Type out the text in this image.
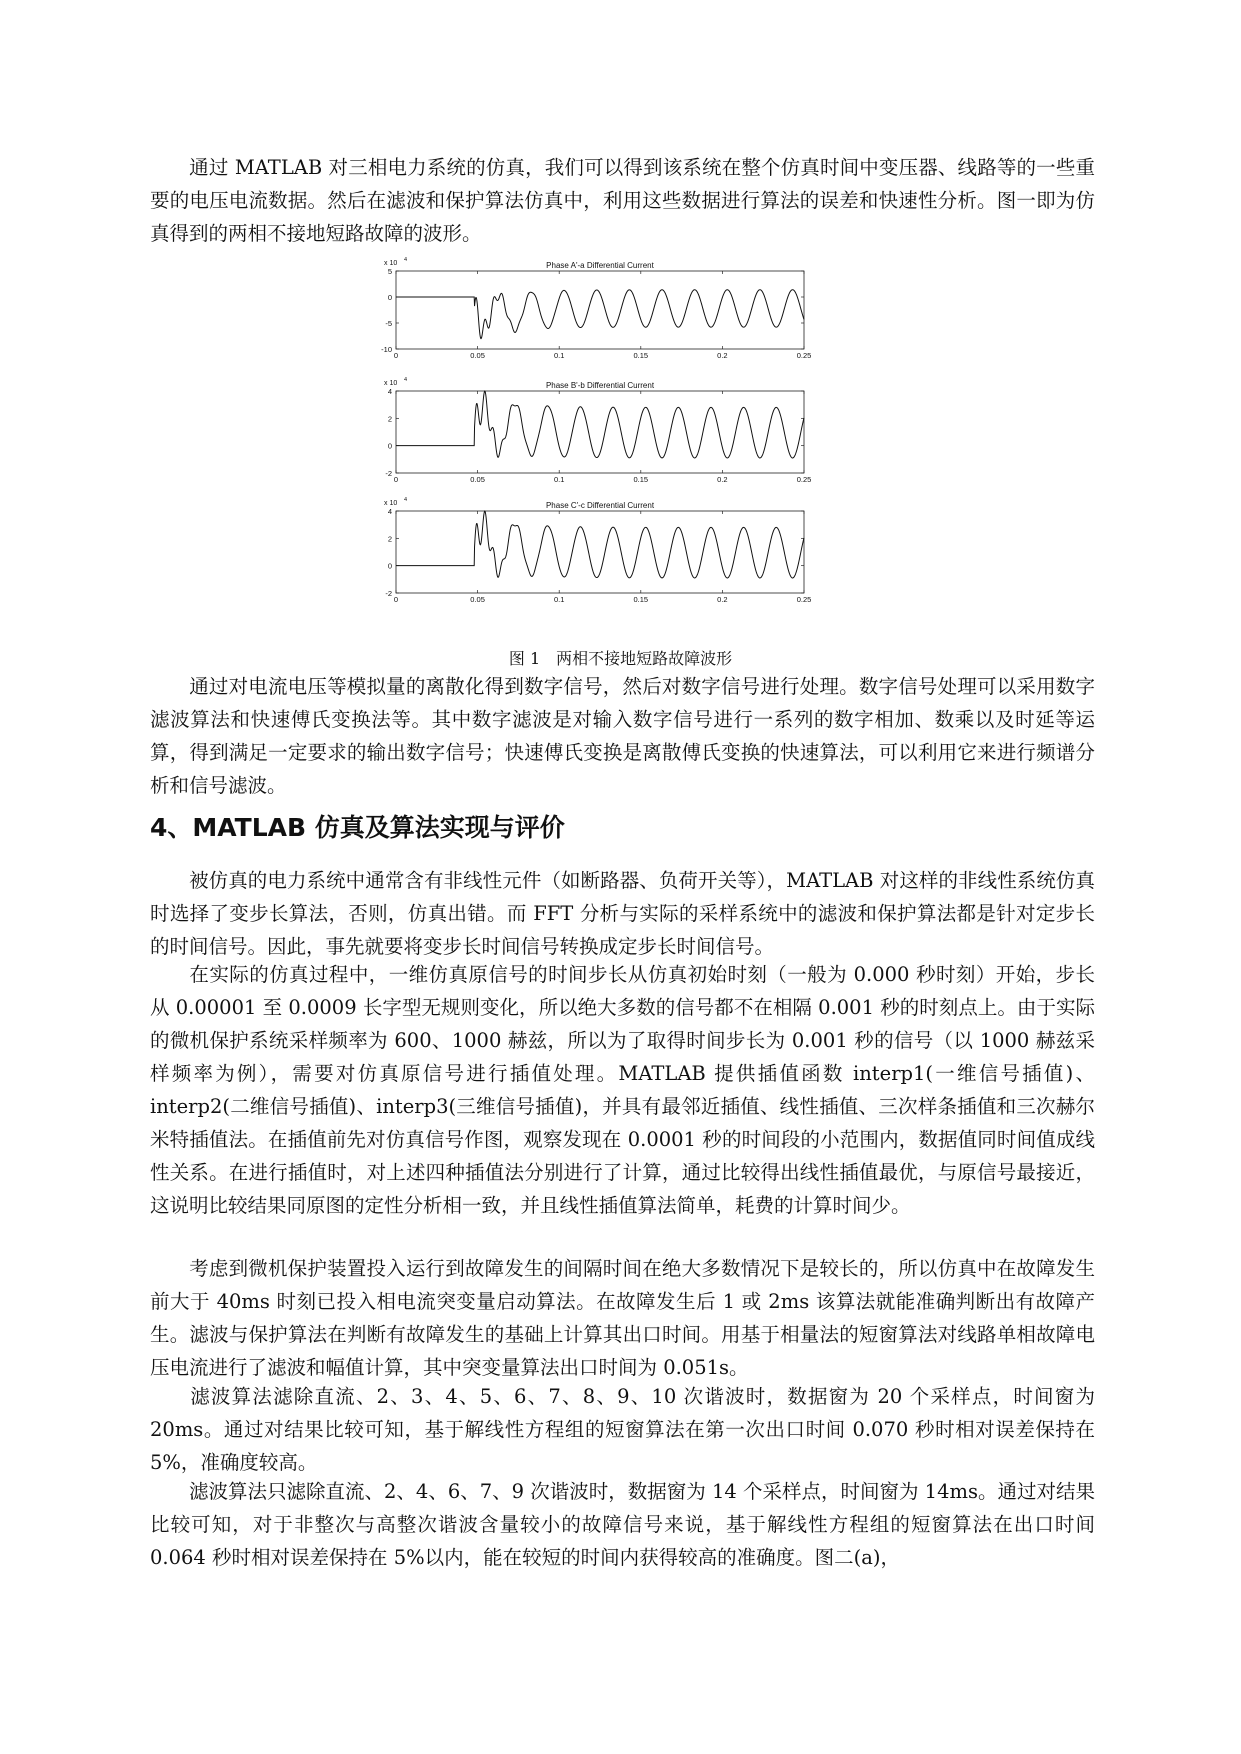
通过 MATLAB 对三相电力系统的仿真，我们可以得到该系统在整个仿真时间中变压器、线路等的一些重要的电压电流数据。然后在滤波和保护算法仿真中，利用这些数据进行算法的误差和快速性分析。图一即为仿真得到的两相不接地短路故障的波形。

Phase A'-a Differential Current
x 10 4
0	0.05	0.1	0.15	0.2	0.25
5
0
-5
-10
Phase B'-b Differential Current
x 10 4
0	0.05	0.1	0.15	0.2	0.25
4
2
0
-2
Phase C'-c Differential Current
x 10 4
0	0.05	0.1	0.15	0.2	0.25
4
2
0
-2
图 1　两相不接地短路故障波形

通过对电流电压等模拟量的离散化得到数字信号，然后对数字信号进行处理。数字信号处理可以采用数字滤波算法和快速傅氏变换法等。其中数字滤波是对输入数字信号进行一系列的数字相加、数乘以及时延等运算，得到满足一定要求的输出数字信号；快速傅氏变换是离散傅氏变换的快速算法，可以利用它来进行频谱分析和信号滤波。

4、MATLAB 仿真及算法实现与评价

被仿真的电力系统中通常含有非线性元件（如断路器、负荷开关等），MATLAB 对这样的非线性系统仿真时选择了变步长算法，否则，仿真出错。而 FFT 分析与实际的采样系统中的滤波和保护算法都是针对定步长的时间信号。因此，事先就要将变步长时间信号转换成定步长时间信号。

在实际的仿真过程中，一维仿真原信号的时间步长从仿真初始时刻（一般为 0.000 秒时刻）开始，步长从 0.00001 至 0.0009 长字型无规则变化，所以绝大多数的信号都不在相隔 0.001 秒的时刻点上。由于实际的微机保护系统采样频率为 600、1000 赫兹，所以为了取得时间步长为 0.001 秒的信号（以 1000 赫兹采样频率为例），需要对仿真原信号进行插值处理。MATLAB 提供插值函数 interp1(一维信号插值)、interp2(二维信号插值)、interp3(三维信号插值)，并具有最邻近插值、线性插值、三次样条插值和三次赫尔米特插值法。在插值前先对仿真信号作图，观察发现在 0.0001 秒的时间段的小范围内，数据值同时间值成线性关系。在进行插值时，对上述四种插值法分别进行了计算，通过比较得出线性插值最优，与原信号最接近，这说明比较结果同原图的定性分析相一致，并且线性插值算法简单，耗费的计算时间少。

考虑到微机保护装置投入运行到故障发生的间隔时间在绝大多数情况下是较长的，所以仿真中在故障发生前大于 40ms 时刻已投入相电流突变量启动算法。在故障发生后 1 或 2ms 该算法就能准确判断出有故障产生。滤波与保护算法在判断有故障发生的基础上计算其出口时间。用基于相量法的短窗算法对线路单相故障电压电流进行了滤波和幅值计算，其中突变量算法出口时间为 0.051s。

滤波算法滤除直流、2、3、4、5、6、7、8、9、10 次谐波时，数据窗为 20 个采样点，时间窗为 20ms。通过对结果比较可知，基于解线性方程组的短窗算法在第一次出口时间 0.070 秒时相对误差保持在 5%，准确度较高。

滤波算法只滤除直流、2、4、6、7、9 次谐波时，数据窗为 14 个采样点，时间窗为 14ms。通过对结果比较可知，对于非整次与高整次谐波含量较小的故障信号来说，基于解线性方程组的短窗算法在出口时间 0.064 秒时相对误差保持在 5%以内，能在较短的时间内获得较高的准确度。图二(a)，
